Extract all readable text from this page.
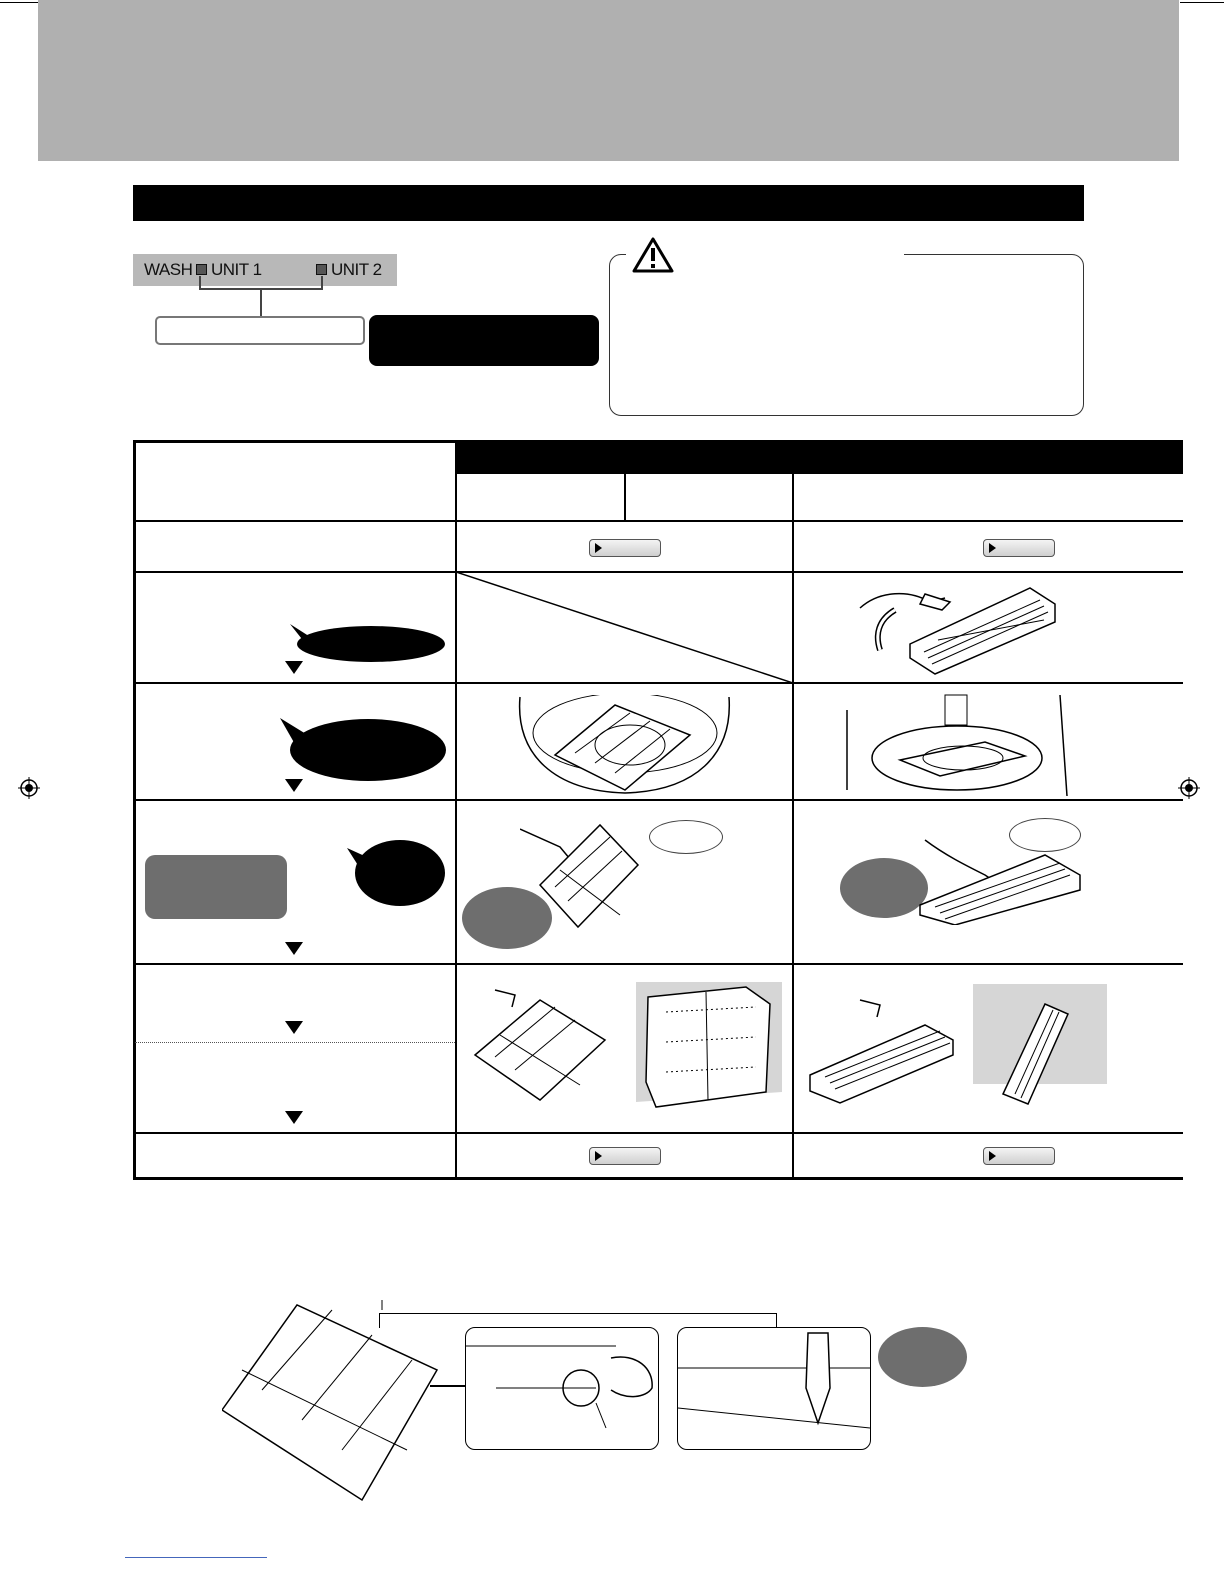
WASH UNIT 1	UNIT 2
